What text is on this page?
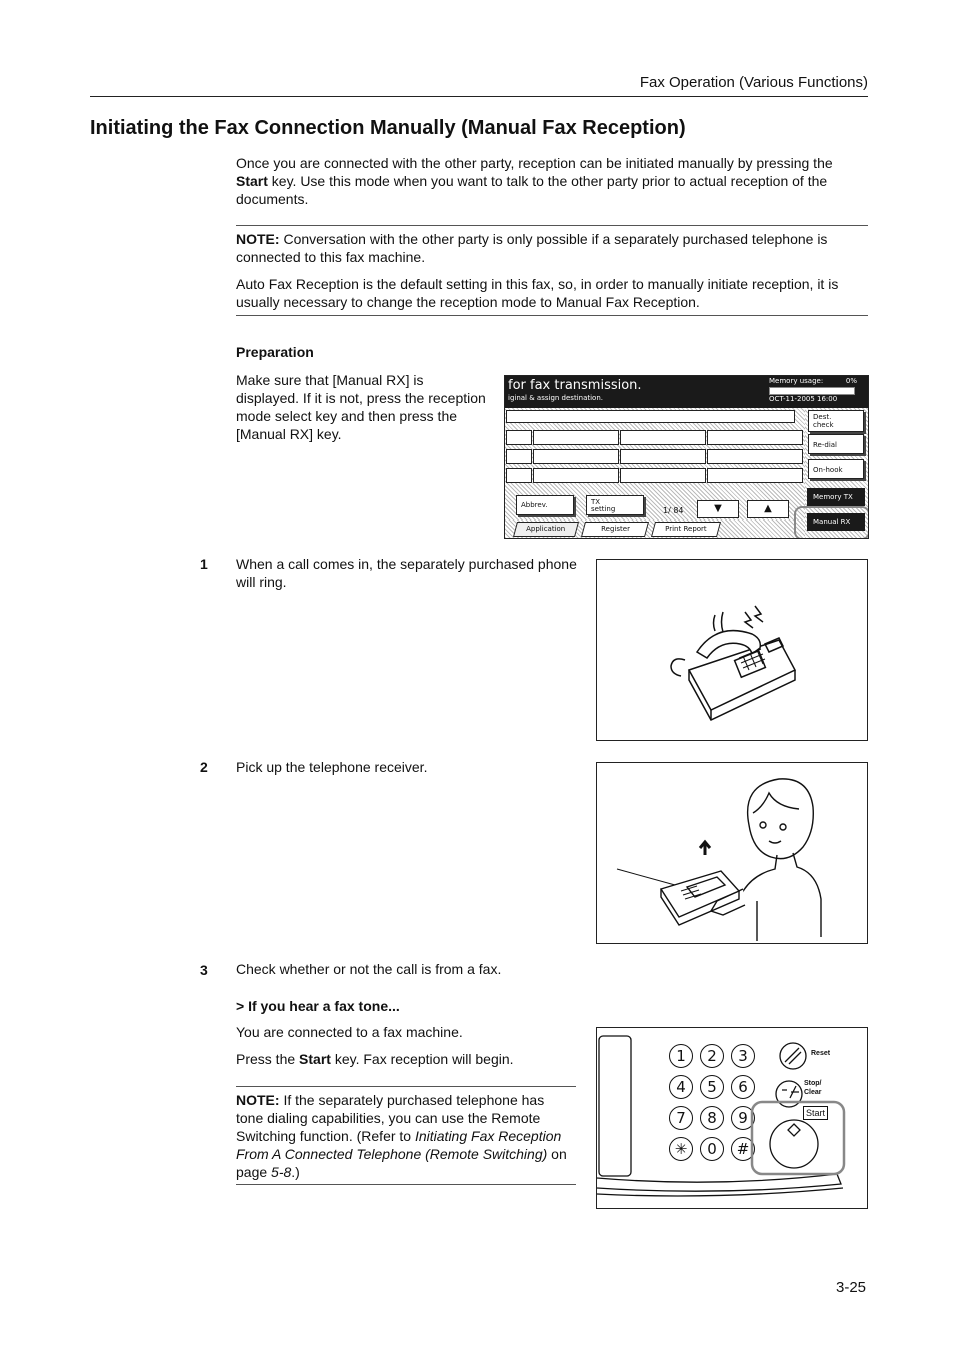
Fax Operation (Various Functions)
Initiating the Fax Connection Manually (Manual Fax Reception)
Once you are connected with the other party, reception can be initiated manually by pressing the
Start key. Use this mode when you want to talk to the other party prior to actual reception of the
documents.
NOTE: Conversation with the other party is only possible if a separately purchased telephone is
connected to this fax machine.
Auto Fax Reception is the default setting in this fax, so, in order to manually initiate reception, it is
usually necessary to change the reception mode to Manual Fax Reception.
Preparation
Make sure that [Manual RX] is
displayed. If it is not, press the reception
mode select key and then press the
[Manual RX] key.
for fax transmission.
iginal & assign destination.
Memory usage:	0%
OCT-11-2005 16:00
Dest.
check
Re-dial
On-hook
Memory TX
Manual RX
Abbrev.	TX
setting	1/ 84	▼	▲
Application	Register	Print Report
1 When a call comes in, the separately purchased phone
will ring.
2 Pick up the telephone receiver.
3 Check whether or not the call is from a fax.
> If you hear a fax tone...
You are connected to a fax machine.
Press the Start key. Fax reception will begin.
NOTE: If the separately purchased telephone has
tone dialing capabilities, you can use the Remote
Switching function. (Refer to Initiating Fax Reception
From A Connected Telephone (Remote Switching) on
page 5-8.)
1	2	3
4	5	6
7	8	9
✳	0	#
Reset
Stop/
Clear
Start
3-25
